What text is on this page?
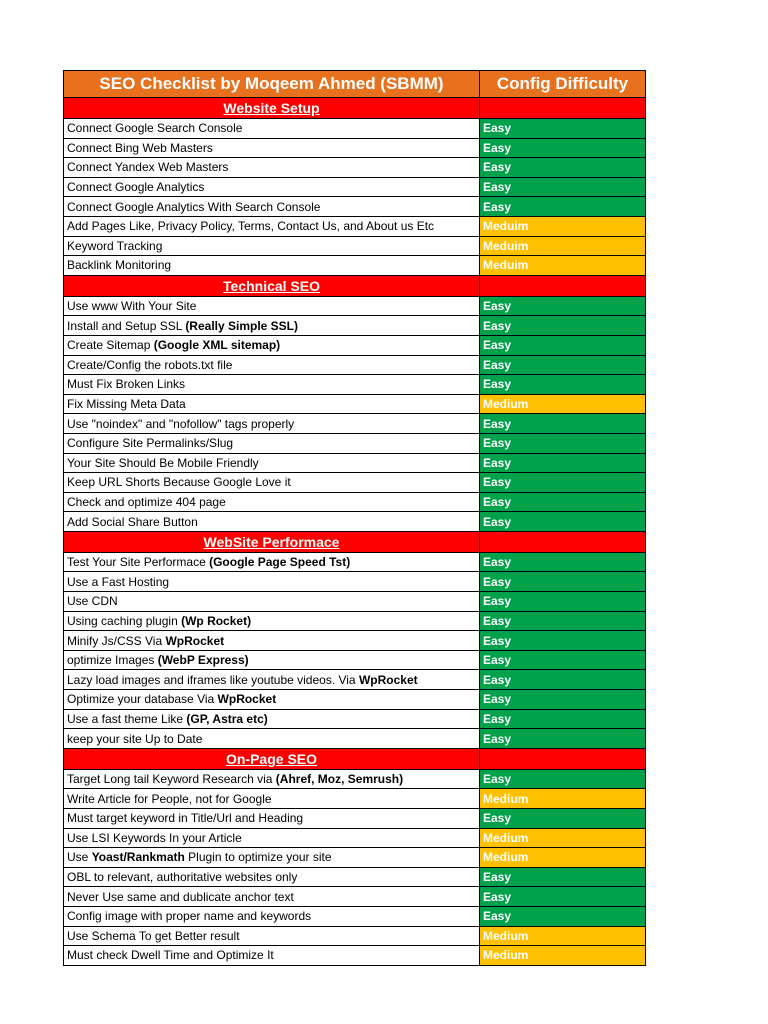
SEO Checklist by Moqeem Ahmed (SBMM)	Config Difficulty
Website Setup	
Connect Google Search Console	Easy
Connect Bing Web Masters	Easy
Connect Yandex Web Masters	Easy
Connect Google Analytics	Easy
Connect Google Analytics With Search Console	Easy
Add Pages Like, Privacy Policy, Terms, Contact Us, and About us Etc	Meduim
Keyword Tracking	Meduim
Backlink Monitoring	Meduim
Technical SEO	
Use www With Your Site	Easy
Install and Setup SSL (Really Simple SSL)	Easy
Create Sitemap (Google XML sitemap)	Easy
Create/Config the robots.txt file	Easy
Must Fix Broken Links	Easy
Fix Missing Meta Data	Medium
Use "noindex" and "nofollow" tags properly	Easy
Configure Site Permalinks/Slug	Easy
Your Site Should Be Mobile Friendly	Easy
Keep URL Shorts Because Google Love it	Easy
Check and optimize 404 page	Easy
Add Social Share Button	Easy
WebSite Performace	
Test Your Site Performace (Google Page Speed Tst)	Easy
Use a Fast Hosting	Easy
Use CDN	Easy
Using caching plugin (Wp Rocket)	Easy
Minify Js/CSS Via WpRocket	Easy
optimize Images (WebP Express)	Easy
Lazy load images and iframes like youtube videos. Via WpRocket	Easy
Optimize your database Via WpRocket	Easy
Use a fast theme Like (GP, Astra etc)	Easy
keep your site Up to Date	Easy
On-Page SEO	
Target Long tail Keyword Research via (Ahref, Moz, Semrush)	Easy
Write Article for People, not for Google	Medium
Must target keyword in Title/Url and Heading	Easy
Use LSI Keywords In your Article	Medium
Use Yoast/Rankmath Plugin to optimize your site	Medium
OBL to relevant, authoritative websites only	Easy
Never Use same and dublicate anchor text	Easy
Config image with proper name and keywords	Easy
Use Schema To get Better result	Medium
Must check Dwell Time and Optimize It	Medium
